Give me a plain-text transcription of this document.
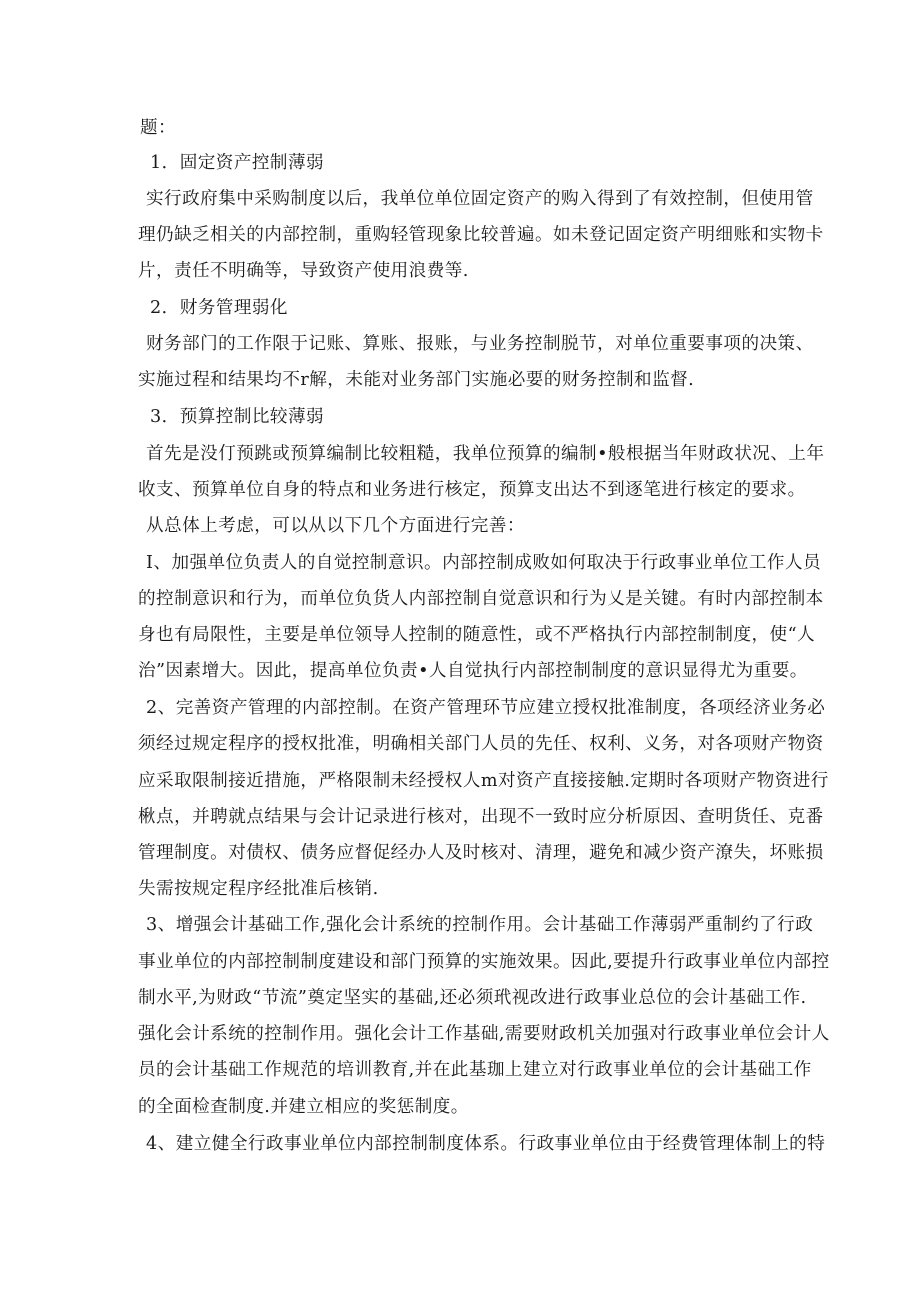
题：
1．固定资产控制薄弱
实行政府集中采购制度以后，我单位单位固定资产的购入得到了有效控制，但使用管
理仍缺乏相关的内部控制，重购轻管现象比较普遍。如未登记固定资产明细账和实物卡
片，责任不明确等，导致资产使用浪费等.
2．财务管理弱化
财务部门的工作限于记账、算账、报账，与业务控制脱节，对单位重要事项的决策、
实施过程和结果均不r解，未能对业务部门实施必要的财务控制和监督.
3．预算控制比较薄弱
首先是没仃预跳或预算编制比较粗糙，我单位预算的编制•般根据当年财政状况、上年
收支、预算单位自身的特点和业务进行核定，预算支出达不到逐笔进行核定的要求。
从总体上考虑，可以从以下几个方面进行完善：
I、加强单位负责人的自觉控制意识。内部控制成败如何取决于行政事业单位工作人员
的控制意识和行为，而单位负货人内部控制自觉意识和行为乂是关键。有时内部控制本
身也有局限性，主要是单位领导人控制的随意性，或不严格执行内部控制制度，使“人
治”因素增大。因此，提高单位负责•人自觉执行内部控制制度的意识显得尤为重要。
2、完善资产管理的内部控制。在资产管理环节应建立授权批准制度，各项经济业务必
须经过规定程序的授权批准，明确相关部门人员的先任、权利、义务，对各项财产物资
应采取限制接近措施，严格限制未经授权人m对资产直接接触.定期时各项财产物资进行
楸点，并聘就点结果与会计记录进行核对，出现不一致时应分析原因、查明货任、克番
管理制度。对债权、债务应督促经办人及时核对、清理，避免和减少资产潦失，坏账损
失需按规定程序经批准后核销.
3、增强会计基础工作,强化会计系统的控制作用。会计基础工作薄弱严重制约了行政
事业单位的内部控制制度建设和部门预算的实施效果。因此,要提升行政事业单位内部控
制水平,为财政“节流”奠定坚实的基础,还必须玳视改进行政事业总位的会计基础工作.
强化会计系统的控制作用。强化会计工作基础,需要财政机关加强对行政事业单位会计人
员的会计基础工作规范的培训教育,并在此基珈上建立对行政事业单位的会计基础工作
的全面检查制度.并建立相应的奖惩制度。
4、建立健全行政事业单位内部控制制度体系。行政事业单位由于经费管理体制上的特
